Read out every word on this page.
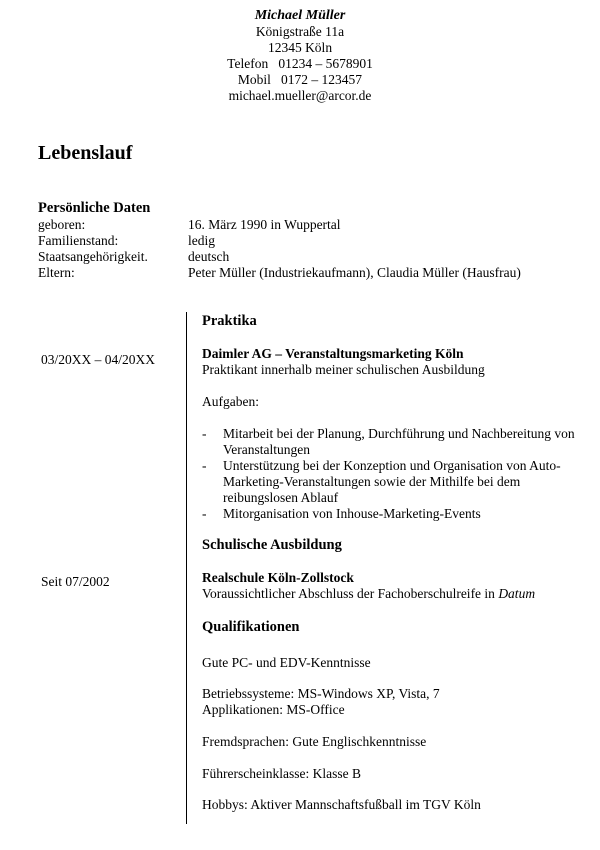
Michael Müller
Königstraße 11a
12345 Köln
Telefon   01234 – 5678901
Mobil   0172 – 123457
michael.mueller@arcor.de
Lebenslauf
Persönliche Daten
geboren:	16. März 1990 in Wuppertal
Familienstand:	ledig
Staatsangehörigkeit.	deutsch
Eltern:	Peter Müller (Industriekaufmann), Claudia Müller (Hausfrau)
Praktika
03/20XX – 04/20XX	Daimler AG – Veranstaltungsmarketing Köln
Praktikant innerhalb meiner schulischen Ausbildung
Aufgaben:
- Mitarbeit bei der Planung, Durchführung und Nachbereitung von Veranstaltungen
- Unterstützung bei der Konzeption und Organisation von Auto-Marketing-Veranstaltungen sowie der Mithilfe bei dem reibungslosen Ablauf
- Mitorganisation von Inhouse-Marketing-Events
Schulische Ausbildung
Seit 07/2002	Realschule Köln-Zollstock
Voraussichtlicher Abschluss der Fachoberschulreife in Datum
Qualifikationen
Gute PC- und EDV-Kenntnisse
Betriebssysteme: MS-Windows XP, Vista, 7
Applikationen: MS-Office
Fremdsprachen: Gute Englischkenntnisse
Führerscheinklasse: Klasse B
Hobbys: Aktiver Mannschaftsfußball im TGV Köln
